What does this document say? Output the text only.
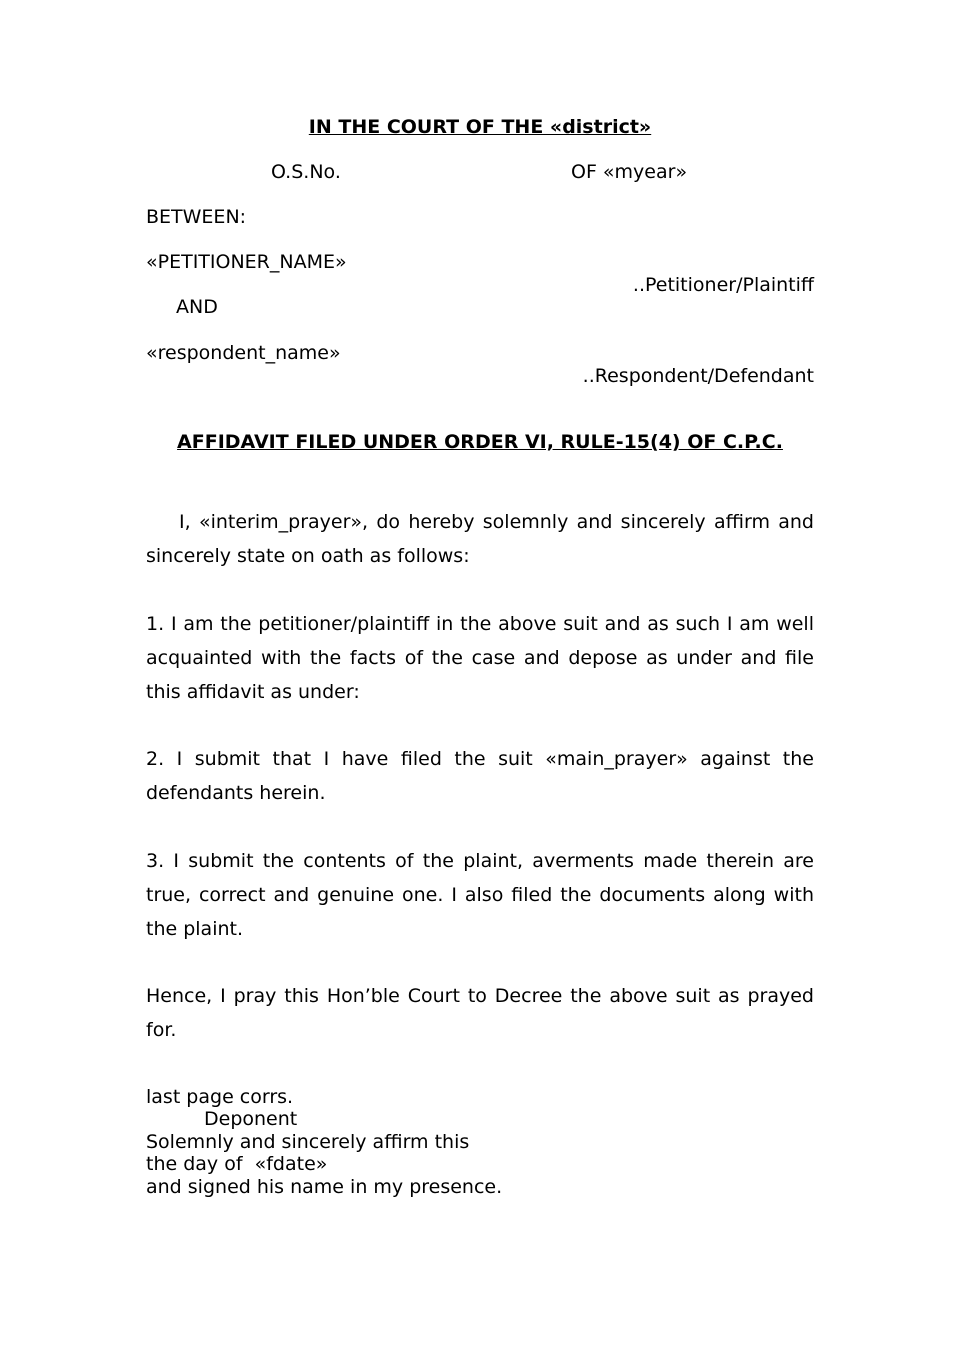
IN THE COURT OF THE «district»
O.S.No.	OF «myear»
BETWEEN:
«PETITIONER_NAME»
..Petitioner/Plaintiff
AND
«respondent_name»
..Respondent/Defendant
AFFIDAVIT FILED UNDER ORDER VI, RULE-15(4) OF C.P.C.
I, «interim_prayer», do hereby solemnly and sincerely affirm and sincerely state on oath as follows:
1. I am the petitioner/plaintiff in the above suit and as such I am well acquainted with the facts of the case and depose as under and file this affidavit as under:
2. I submit that I have filed the suit «main_prayer» against the defendants herein.
3. I submit the contents of the plaint, averments made therein are true, correct and genuine one. I also filed the documents along with the plaint.
Hence, I pray this Hon’ble Court to Decree the above suit as prayed for.
last page corrs.
Deponent
Solemnly and sincerely affirm this
the day of  «fdate»
and signed his name in my presence.
